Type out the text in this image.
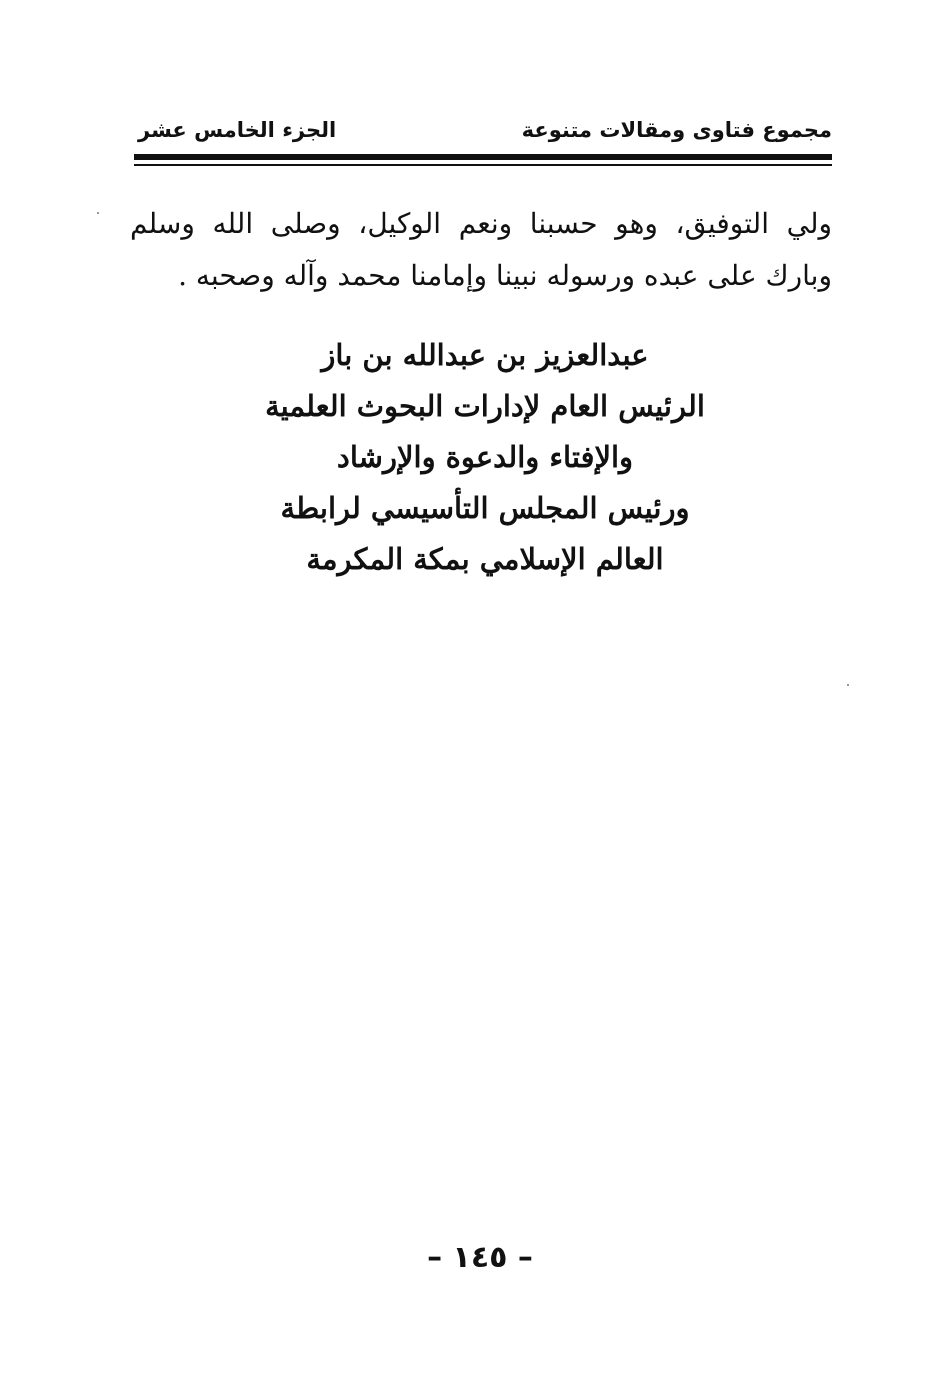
مجموع فتاوى ومقالات متنوعة
الجزء الخامس عشر
ولي التوفيق، وهو حسبنا ونعم الوكيل، وصلى الله وسلم
وبارك على عبده ورسوله نبينا وإمامنا محمد وآله وصحبه .
عبدالعزيز بن عبدالله بن باز
الرئيس العام لإدارات البحوث العلمية
والإفتاء والدعوة والإرشاد
ورئيس المجلس التأسيسي لرابطة
العالم الإسلامي بمكة المكرمة
– ١٤٥ –
